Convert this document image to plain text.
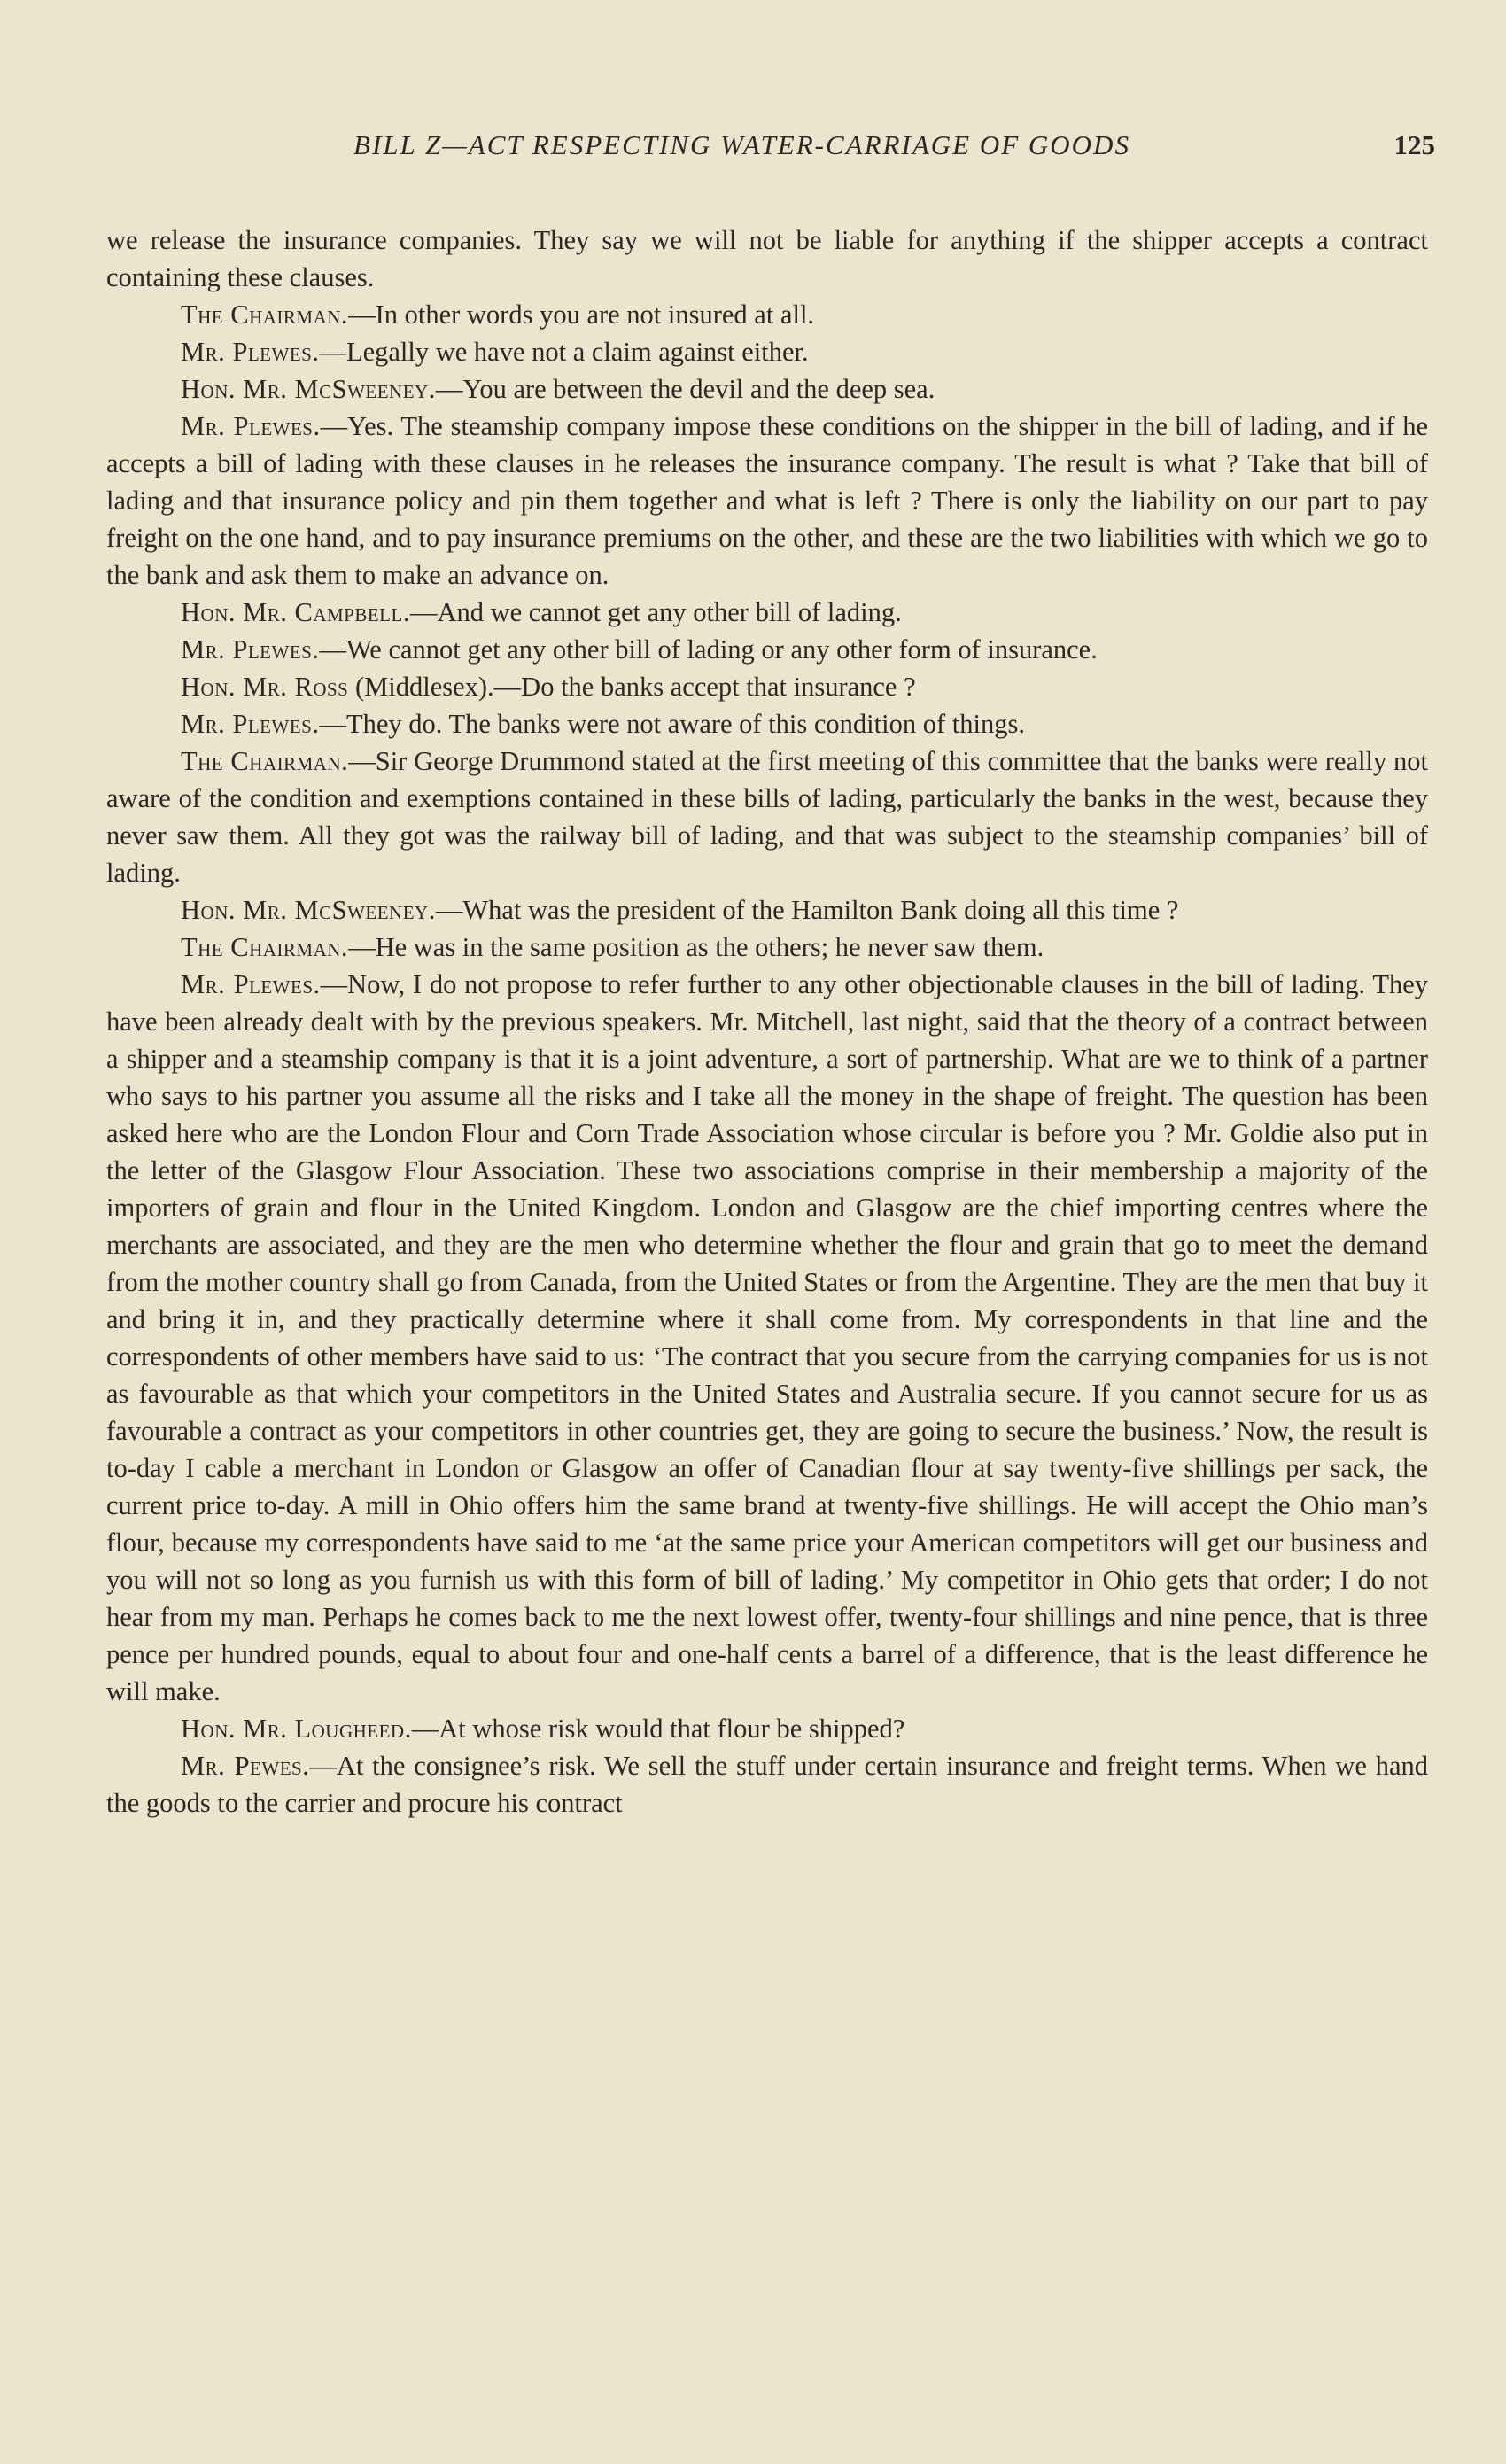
BILL Z—ACT RESPECTING WATER-CARRIAGE OF GOODS	125

we release the insurance companies. They say we will not be liable for anything if the shipper accepts a contract containing these clauses.

The Chairman.—In other words you are not insured at all.

Mr. Plewes.—Legally we have not a claim against either.

Hon. Mr. McSweeney.—You are between the devil and the deep sea.

Mr. Plewes.—Yes. The steamship company impose these conditions on the shipper in the bill of lading, and if he accepts a bill of lading with these clauses in he releases the insurance company. The result is what ? Take that bill of lading and that insurance policy and pin them together and what is left ? There is only the liability on our part to pay freight on the one hand, and to pay insurance premiums on the other, and these are the two liabilities with which we go to the bank and ask them to make an advance on.

Hon. Mr. Campbell.—And we cannot get any other bill of lading.

Mr. Plewes.—We cannot get any other bill of lading or any other form of insurance.

Hon. Mr. Ross (Middlesex).—Do the banks accept that insurance ?

Mr. Plewes.—They do. The banks were not aware of this condition of things.

The Chairman.—Sir George Drummond stated at the first meeting of this committee that the banks were really not aware of the condition and exemptions contained in these bills of lading, particularly the banks in the west, because they never saw them. All they got was the railway bill of lading, and that was subject to the steamship companies’ bill of lading.

Hon. Mr. McSweeney.—What was the president of the Hamilton Bank doing all this time ?

The Chairman.—He was in the same position as the others; he never saw them.

Mr. Plewes.—Now, I do not propose to refer further to any other objectionable clauses in the bill of lading. They have been already dealt with by the previous speakers. Mr. Mitchell, last night, said that the theory of a contract between a shipper and a steamship company is that it is a joint adventure, a sort of partnership. What are we to think of a partner who says to his partner you assume all the risks and I take all the money in the shape of freight. The question has been asked here who are the London Flour and Corn Trade Association whose circular is before you ? Mr. Goldie also put in the letter of the Glasgow Flour Association. These two associations comprise in their membership a majority of the importers of grain and flour in the United Kingdom. London and Glasgow are the chief importing centres where the merchants are associated, and they are the men who determine whether the flour and grain that go to meet the demand from the mother country shall go from Canada, from the United States or from the Argentine. They are the men that buy it and bring it in, and they practically determine where it shall come from. My correspondents in that line and the correspondents of other members have said to us: ‘The contract that you secure from the carrying companies for us is not as favourable as that which your competitors in the United States and Australia secure. If you cannot secure for us as favourable a contract as your competitors in other countries get, they are going to secure the business.’ Now, the result is to-day I cable a merchant in London or Glasgow an offer of Canadian flour at say twenty-five shillings per sack, the current price to-day. A mill in Ohio offers him the same brand at twenty-five shillings. He will accept the Ohio man’s flour, because my correspondents have said to me ‘at the same price your American competitors will get our business and you will not so long as you furnish us with this form of bill of lading.’ My competitor in Ohio gets that order; I do not hear from my man. Perhaps he comes back to me the next lowest offer, twenty-four shillings and nine pence, that is three pence per hundred pounds, equal to about four and one-half cents a barrel of a difference, that is the least difference he will make.

Hon. Mr. Lougheed.—At whose risk would that flour be shipped?

Mr. Pewes.—At the consignee’s risk. We sell the stuff under certain insurance and freight terms. When we hand the goods to the carrier and procure his contract
